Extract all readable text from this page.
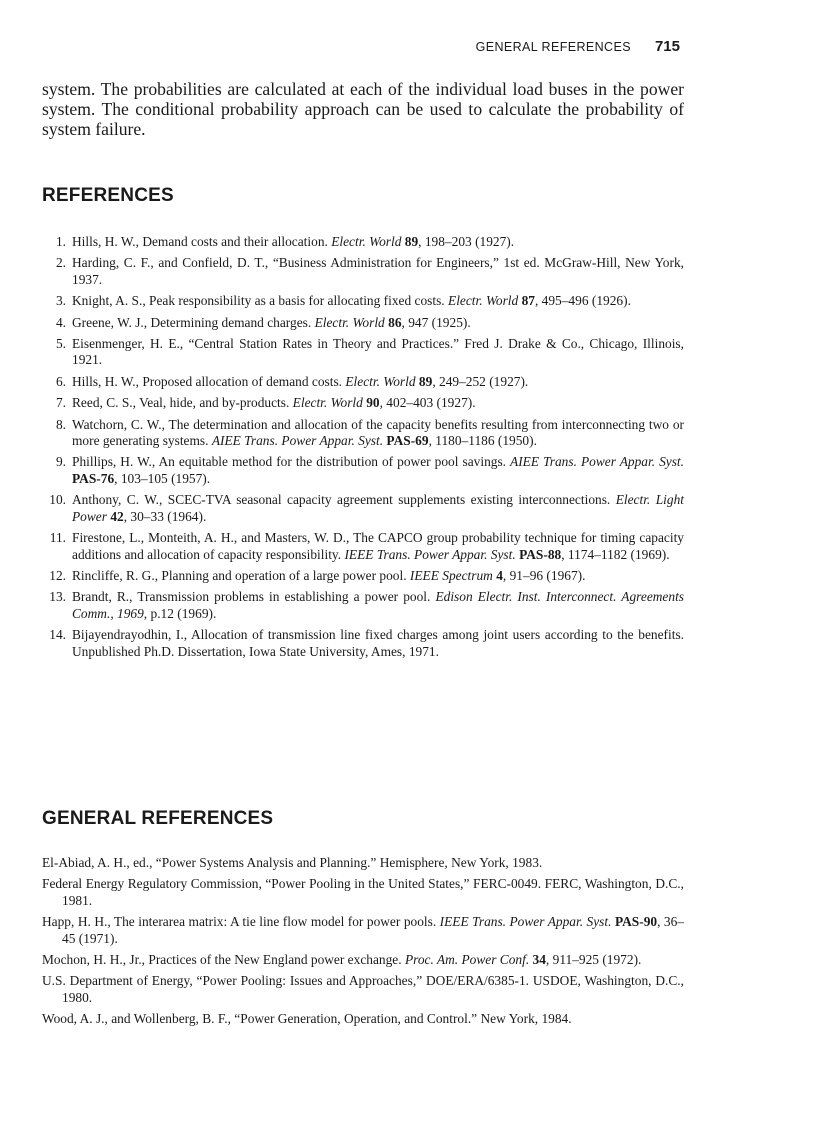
GENERAL REFERENCES 715

system. The probabilities are calculated at each of the individual load buses in the power system. The conditional probability approach can be used to calculate the probability of system failure.

REFERENCES
1. Hills, H. W., Demand costs and their allocation. Electr. World 89, 198–203 (1927).
2. Harding, C. F., and Confield, D. T., “Business Administration for Engineers,” 1st ed. McGraw-Hill, New York, 1937.
3. Knight, A. S., Peak responsibility as a basis for allocating fixed costs. Electr. World 87, 495–496 (1926).
4. Greene, W. J., Determining demand charges. Electr. World 86, 947 (1925).
5. Eisenmenger, H. E., “Central Station Rates in Theory and Practices.” Fred J. Drake & Co., Chicago, Illinois, 1921.
6. Hills, H. W., Proposed allocation of demand costs. Electr. World 89, 249–252 (1927).
7. Reed, C. S., Veal, hide, and by-products. Electr. World 90, 402–403 (1927).
8. Watchorn, C. W., The determination and allocation of the capacity benefits resulting from interconnecting two or more generating systems. AIEE Trans. Power Appar. Syst. PAS-69, 1180–1186 (1950).
9. Phillips, H. W., An equitable method for the distribution of power pool savings. AIEE Trans. Power Appar. Syst. PAS-76, 103–105 (1957).
10. Anthony, C. W., SCEC-TVA seasonal capacity agreement supplements existing interconnections. Electr. Light Power 42, 30–33 (1964).
11. Firestone, L., Monteith, A. H., and Masters, W. D., The CAPCO group probability technique for timing capacity additions and allocation of capacity responsibility. IEEE Trans. Power Appar. Syst. PAS-88, 1174–1182 (1969).
12. Rincliffe, R. G., Planning and operation of a large power pool. IEEE Spectrum 4, 91–96 (1967).
13. Brandt, R., Transmission problems in establishing a power pool. Edison Electr. Inst. Interconnect. Agreements Comm., 1969, p.12 (1969).
14. Bijayendrayodhin, I., Allocation of transmission line fixed charges among joint users according to the benefits. Unpublished Ph.D. Dissertation, Iowa State University, Ames, 1971.
GENERAL REFERENCES
El-Abiad, A. H., ed., “Power Systems Analysis and Planning.” Hemisphere, New York, 1983.
Federal Energy Regulatory Commission, “Power Pooling in the United States,” FERC-0049. FERC, Washington, D.C., 1981.
Happ, H. H., The interarea matrix: A tie line flow model for power pools. IEEE Trans. Power Appar. Syst. PAS-90, 36–45 (1971).
Mochon, H. H., Jr., Practices of the New England power exchange. Proc. Am. Power Conf. 34, 911–925 (1972).
U.S. Department of Energy, “Power Pooling: Issues and Approaches,” DOE/ERA/6385-1. USDOE, Washington, D.C., 1980.
Wood, A. J., and Wollenberg, B. F., “Power Generation, Operation, and Control.” New York, 1984.
